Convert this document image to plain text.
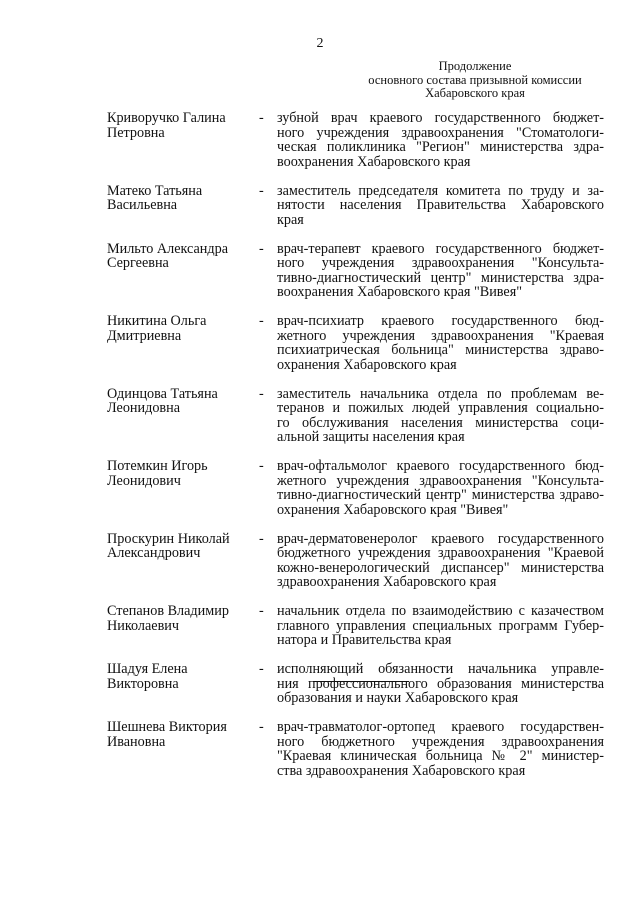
2
Продолжение
основного состава призывной комиссии
Хабаровского края
Криворучко Галина
Петровна
- зубной врач краевого государственного бюджет-
ного учреждения здравоохранения "Стоматологи-
ческая поликлиника "Регион" министерства здра-
воохранения Хабаровского края
Матеко Татьяна
Васильевна
- заместитель председателя комитета по труду и за-
нятости населения Правительства Хабаровского
края
Мильто Александра
Сергеевна
- врач-терапевт краевого государственного бюджет-
ного учреждения здравоохранения "Консульта-
тивно-диагностический центр" министерства здра-
воохранения Хабаровского края "Вивея"
Никитина Ольга
Дмитриевна
- врач-психиатр краевого государственного бюд-
жетного учреждения здравоохранения "Краевая
психиатрическая больница" министерства здраво-
охранения Хабаровского края
Одинцова Татьяна
Леонидовна
- заместитель начальника отдела по проблемам ве-
теранов и пожилых людей управления социально-
го обслуживания населения министерства соци-
альной защиты населения края
Потемкин Игорь
Леонидович
- врач-офтальмолог краевого государственного бюд-
жетного учреждения здравоохранения "Консульта-
тивно-диагностический центр" министерства здраво-
охранения Хабаровского края "Вивея"
Проскурин Николай
Александрович
- врач-дерматовенеролог краевого государственного
бюджетного учреждения здравоохранения "Краевой
кожно-венерологический диспансер" министерства
здравоохранения Хабаровского края
Степанов Владимир
Николаевич
- начальник отдела по взаимодействию с казачеством
главного управления специальных программ Губер-
натора и Правительства края
Шадуя Елена
Викторовна
- исполняющий обязанности начальника управле-
ния профессионального образования министерства
образования и науки Хабаровского края
Шешнева Виктория
Ивановна
- врач-травматолог-ортопед краевого государствен-
ного бюджетного учреждения здравоохранения
"Краевая клиническая больница № 2" министер-
ства здравоохранения Хабаровского края
